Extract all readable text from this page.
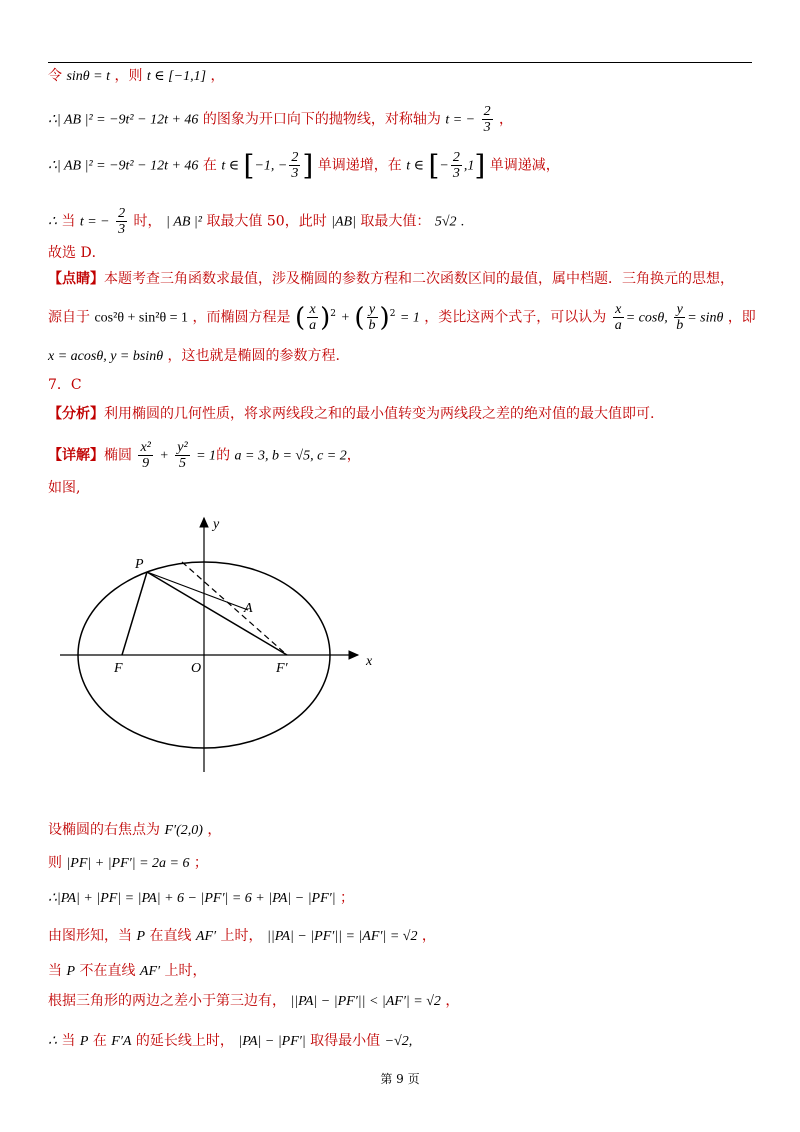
令 sinθ = t ，则 t ∈ [−1,1] ，
∴| AB |² = −9t² − 12t + 46 的图象为开口向下的抛物线，对称轴为 t = − $\frac{2}{3}$ ，
∴| AB |² = −9t² − 12t + 46 在 t ∈ [−1, − $\frac{2}{3}$ ] 单调递增，在 t ∈ [− $\frac{2}{3} ,1$] 单调递减，
∴ 当 t = − $\frac{2}{3}$ 时， | AB |² 取最大值 50，此时 |AB| 取最大值： 5√2 .
故选 D．
【点睛】本题考查三角函数求最值，涉及椭圆的参数方程和二次函数区间的最值，属中档题．三角换元的思想，
源自于 cos²θ + sin²θ = 1 ，而椭圆方程是 ( $\frac{x}{a} )^2$ + ( $\frac{y}{b} )^2 = 1$ ，类比这两个式子，可以认为 $\frac{x}{a} = \cos\theta$, $\frac{y}{b} = \sin\theta$ ，即
x = acosθ, y = bsinθ ，这也就是椭圆的参数方程.
7．C
【分析】利用椭圆的几何性质，将求两线段之和的最小值转变为两线段之差的绝对值的最大值即可.
【详解】椭圆 $\frac{\text{x²}}{9} + \frac{\text{y²}}{5} = 1$的 a = 3, b = √5, c = 2，
如图,
y
x
P
A
F	O	F′
设椭圆的右焦点为 F′(2,0) ，
则 |PF| + |PF′| = 2a = 6 ；
∴|PA| + |PF| = |PA| + 6 − |PF′| = 6 + |PA| − |PF′| ；
由图形知，当 P 在直线 AF′ 上时， ||PA| − |PF′|| = |AF′| = √2 ，
当 P 不在直线 AF′ 上时，
根据三角形的两边之差小于第三边有， ||PA| − |PF′|| < |AF′| = √2 ，
∴ 当 P 在 F′A 的延长线上时， |PA| − |PF′| 取得最小值 −√2,
第 9 页
